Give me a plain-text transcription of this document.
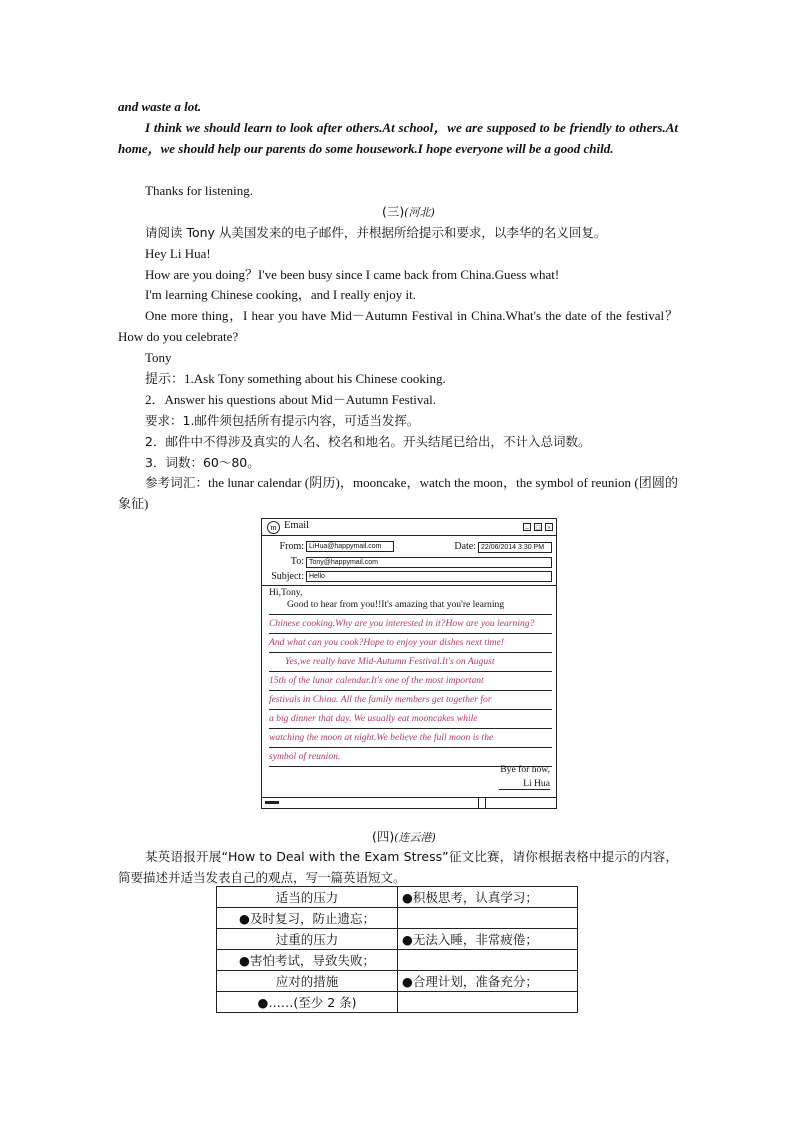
and waste a lot.
I think we should learn to look after others.At school，we are supposed to be friendly to others.At home，we should help our parents do some housework.I hope everyone will be a good child.
Thanks for listening.
(三)(河北)
请阅读 Tony 从美国发来的电子邮件，并根据所给提示和要求，以李华的名义回复。
Hey Li Hua!
How are you doing？I've been busy since I came back from China.Guess what!
I'm learning Chinese cooking，and I really enjoy it.
One more thing，I hear you have Mid－Autumn Festival in China.What's the date of the festival？How do you celebrate?
Tony
提示：1.Ask Tony something about his Chinese cooking.
2．Answer his questions about Mid－Autumn Festival.
要求：1.邮件须包括所有提示内容，可适当发挥。
2．邮件中不得涉及真实的人名、校名和地名。开头结尾已给出，不计入总词数。
3．词数：60～80。
参考词汇：the lunar calendar (阴历)，mooncake，watch the moon，the symbol of reunion (团圆的象征)
m Email	–	□ ×
From: LiHua@happymail.com	Date: 22/06/2014 3:30 PM
To: Tony@happymail.com
Subject: Hello
Hi,Tony,
Good to hear from you!!It's amazing that you're learning
Chinese cooking.Why are you interested in it?How are you learning?
And what can you cook?Hope to enjoy your dishes next time!
Yes,we really have Mid-Autumn Festival.It's on August
15th of the lunar calendar.It's one of the most important
festivals in China. All the family members get together for
a big dinner that day. We usually eat mooncakes while
watching the moon at night.We believe the full moon is the
symbol of reunion.
Bye for now,
Li Hua
(四)(连云港)
某英语报开展“How to Deal with the Exam Stress”征文比赛，请你根据表格中提示的内容，简要描述并适当发表自己的观点，写一篇英语短文。
适当的压力	●积极思考，认真学习；
●及时复习，防止遗忘；	
过重的压力	●无法入睡，非常疲倦；
●害怕考试，导致失败；	
应对的措施	●合理计划，准备充分；
●……(至少 2 条)	
